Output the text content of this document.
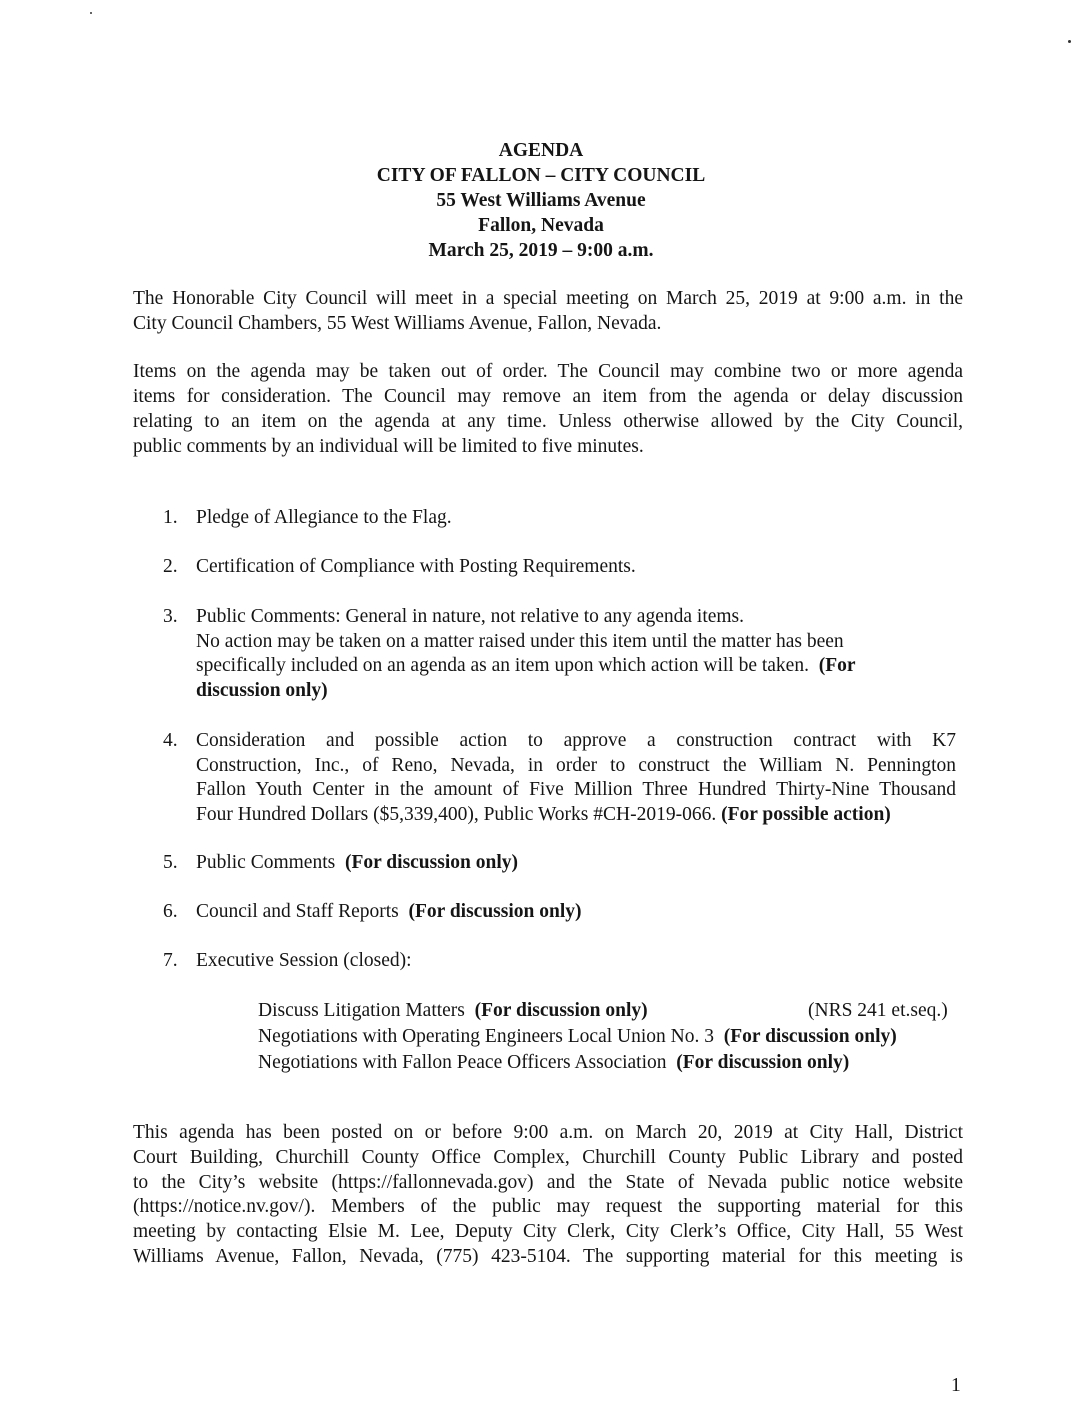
AGENDA
CITY OF FALLON – CITY COUNCIL
55 West Williams Avenue
Fallon, Nevada
March 25, 2019 – 9:00 a.m.
The Honorable City Council will meet in a special meeting on March 25, 2019 at 9:00 a.m. in the
City Council Chambers, 55 West Williams Avenue, Fallon, Nevada.
Items on the agenda may be taken out of order. The Council may combine two or more agenda
items for consideration. The Council may remove an item from the agenda or delay discussion
relating to an item on the agenda at any time. Unless otherwise allowed by the City Council,
public comments by an individual will be limited to five minutes.
1. Pledge of Allegiance to the Flag.
2. Certification of Compliance with Posting Requirements.
3. Public Comments: General in nature, not relative to any agenda items.
No action may be taken on a matter raised under this item until the matter has been
specifically included on an agenda as an item upon which action will be taken. (For
discussion only)
4. Consideration and possible action to approve a construction contract with K7
Construction, Inc., of Reno, Nevada, in order to construct the William N. Pennington
Fallon Youth Center in the amount of Five Million Three Hundred Thirty-Nine Thousand
Four Hundred Dollars ($5,339,400), Public Works #CH-2019-066. (For possible action)
5. Public Comments (For discussion only)
6. Council and Staff Reports (For discussion only)
7. Executive Session (closed):
Discuss Litigation Matters (For discussion only)	(NRS 241 et.seq.)
Negotiations with Operating Engineers Local Union No. 3 (For discussion only)
Negotiations with Fallon Peace Officers Association (For discussion only)
This agenda has been posted on or before 9:00 a.m. on March 20, 2019 at City Hall, District
Court Building, Churchill County Office Complex, Churchill County Public Library and posted
to the City’s website (https://fallonnevada.gov) and the State of Nevada public notice website
(https://notice.nv.gov/). Members of the public may request the supporting material for this
meeting by contacting Elsie M. Lee, Deputy City Clerk, City Clerk’s Office, City Hall, 55 West
Williams Avenue, Fallon, Nevada, (775) 423-5104. The supporting material for this meeting is
1
